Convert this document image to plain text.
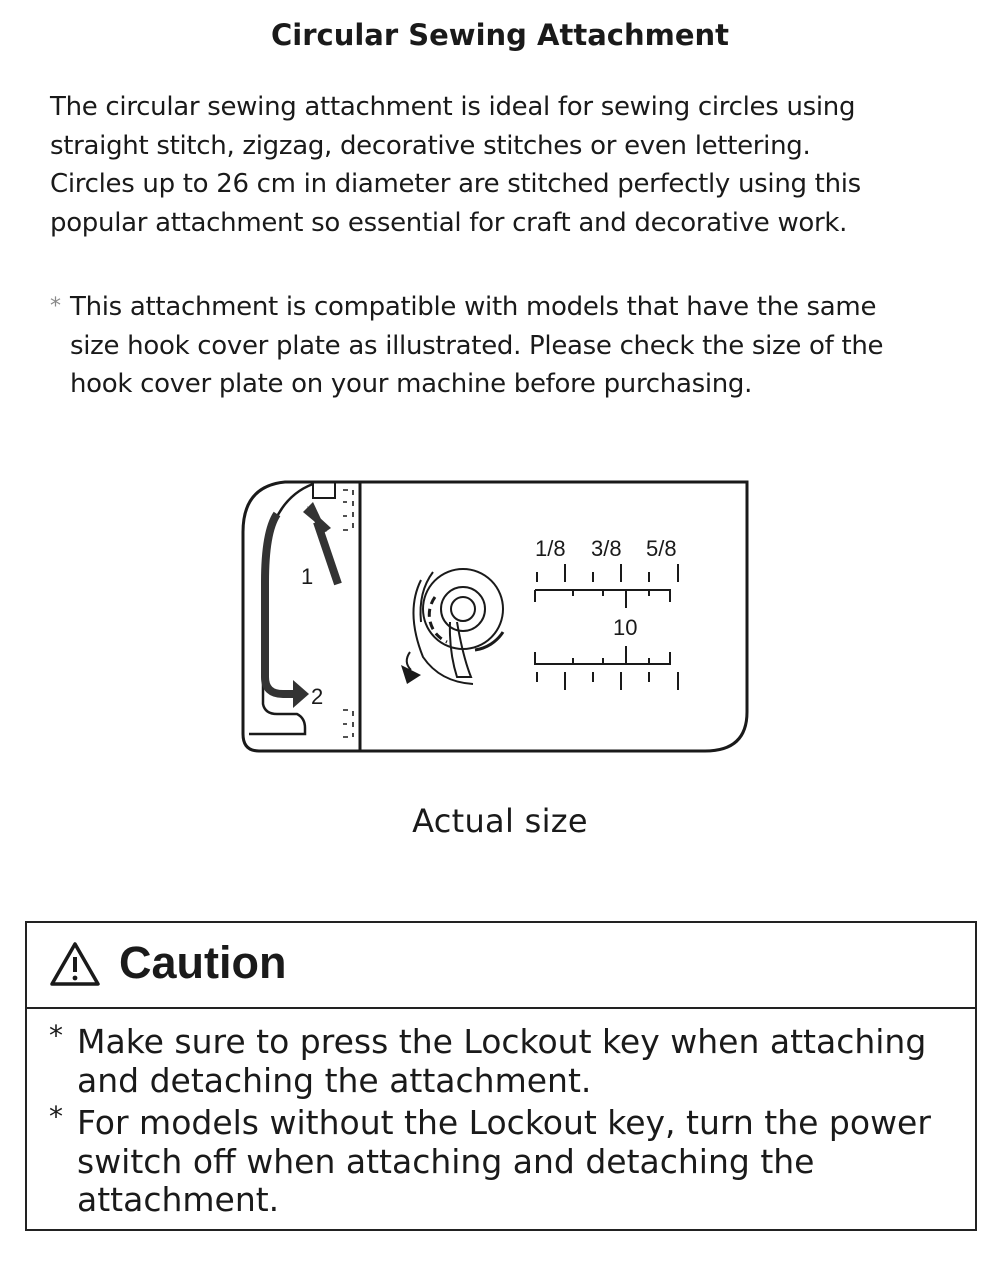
Circular Sewing Attachment
The circular sewing attachment is ideal for sewing circles using
straight stitch, zigzag, decorative stitches or even lettering.
Circles up to 26 cm in diameter are stitched perfectly using this
popular attachment so essential for craft and decorative work.
* This attachment is compatible with models that have the same
size hook cover plate as illustrated. Please check the size of the
hook cover plate on your machine before purchasing.
1
2
1/8 3/8 5/8
10
Actual size
Caution
* Make sure to press the Lockout key when attaching
and detaching the attachment.
* For models without the Lockout key, turn the power
switch off when attaching and detaching the
attachment.
